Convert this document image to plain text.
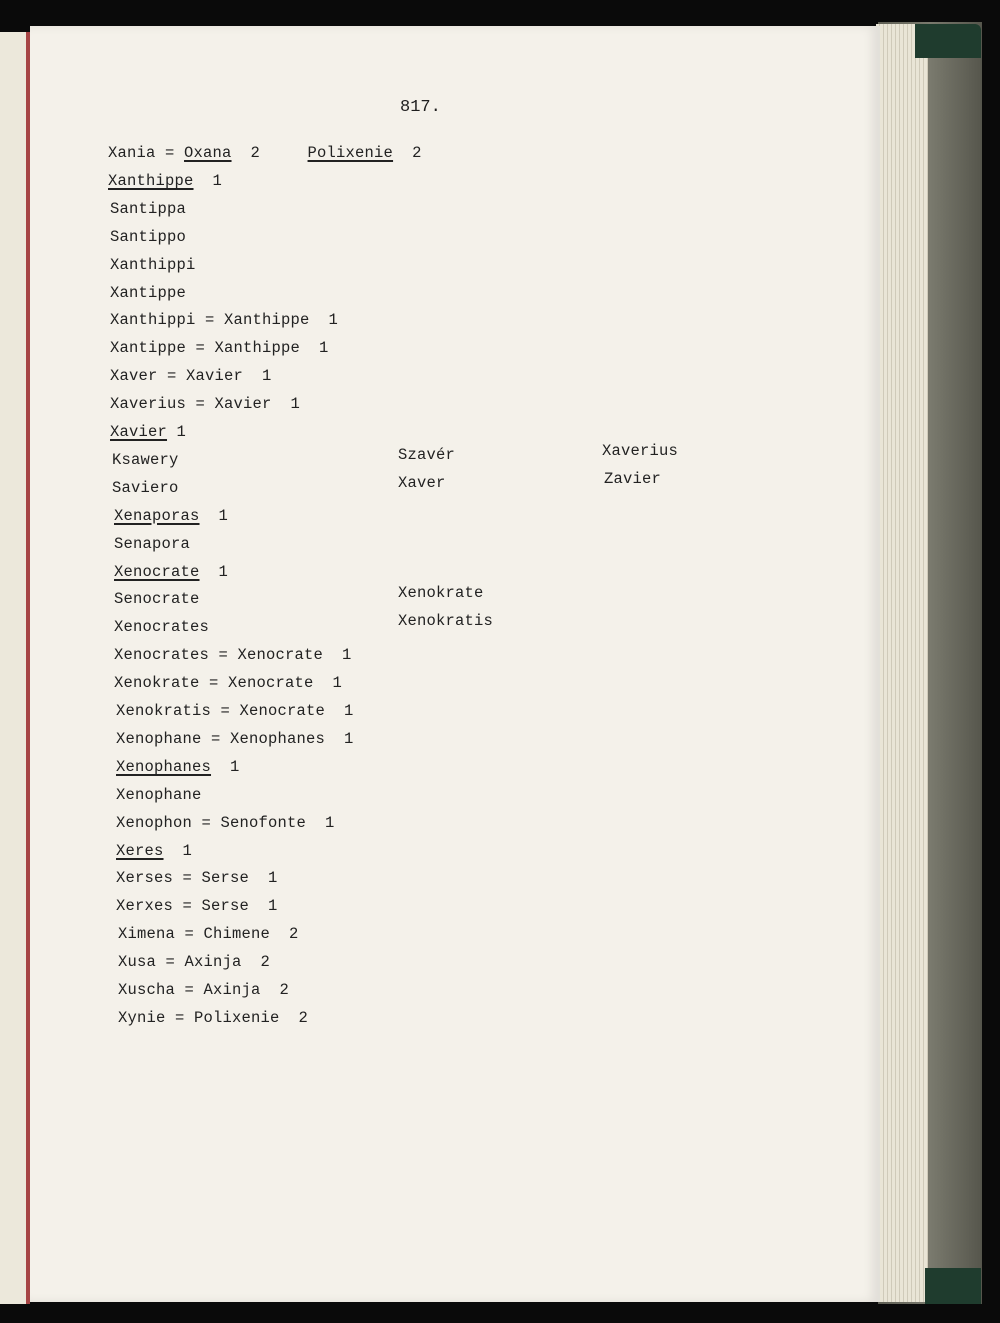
817.

Xania = Oxana  2     Polixenie  2

Xanthippe  1

Santippa

Santippo

Xanthippi

Xantippe

Xanthippi = Xanthippe  1

Xantippe = Xanthippe  1

Xaver = Xavier  1

Xaverius = Xavier  1

Xavier 1

Ksawery

Saviero

Xenaporas  1

Senapora

Xenocrate  1

Senocrate

Xenocrates

Xenocrates = Xenocrate  1

Xenokrate = Xenocrate  1

Xenokratis = Xenocrate  1

Xenophane = Xenophanes  1

Xenophanes  1

Xenophane

Xenophon = Senofonte  1

Xeres  1

Xerses = Serse  1

Xerxes = Serse  1

Ximena = Chimene  2

Xusa = Axinja  2

Xuscha = Axinja  2

Xynie = Polixenie  2

Szavér

Xaver

Xenokrate

Xenokratis

Xaverius

Zavier
